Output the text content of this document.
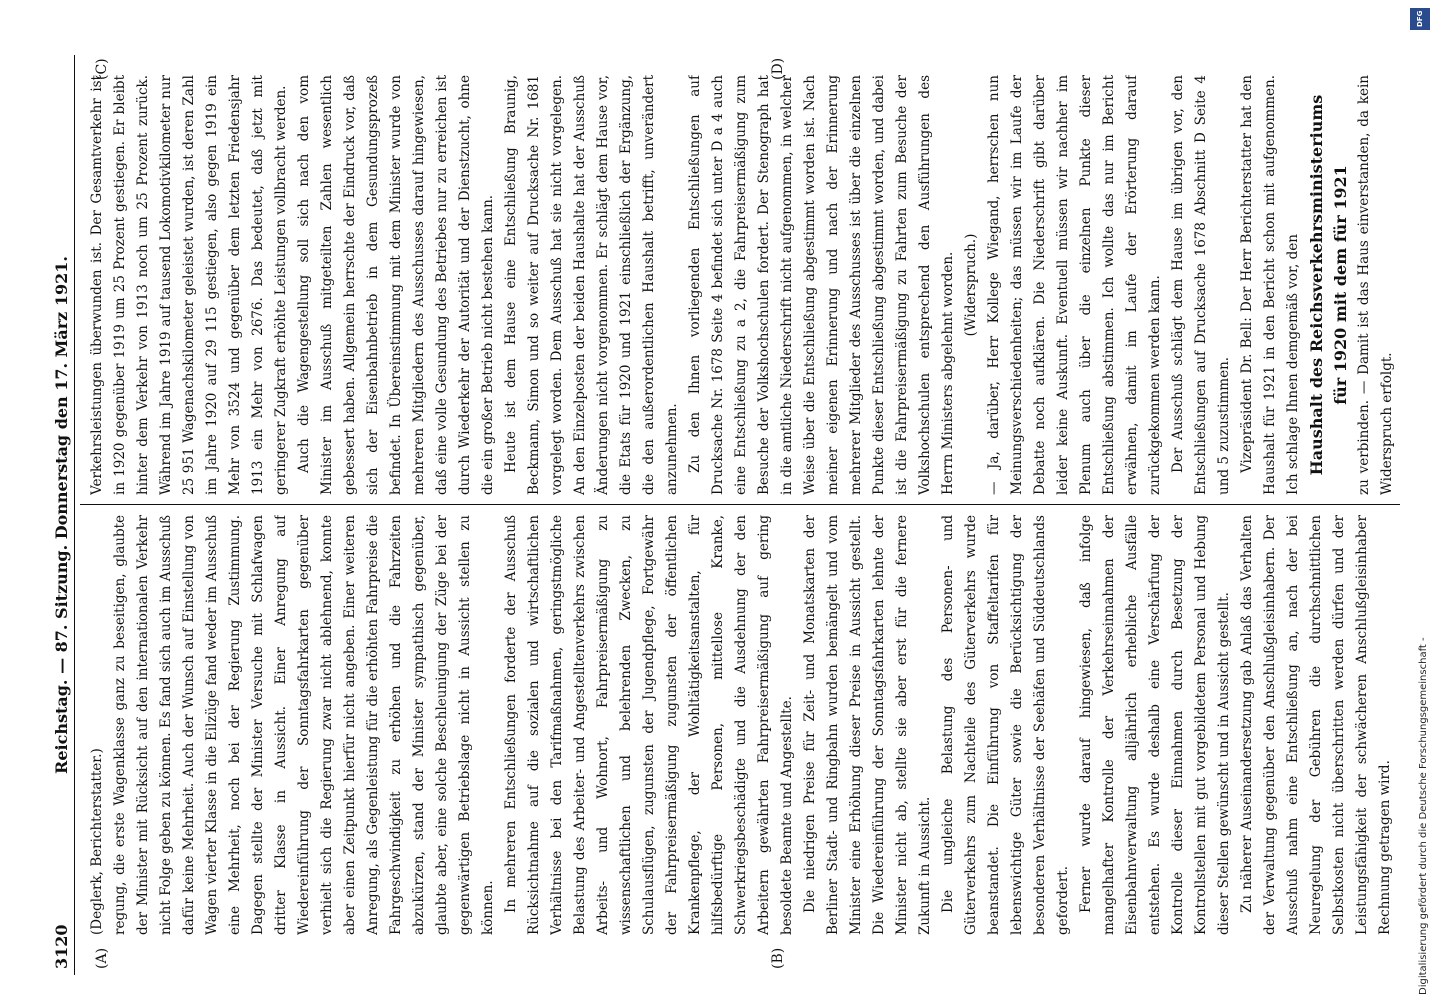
3120
Reichstag. — 87. Sitzung. Donnerstag den 17. März 1921.
(A)	(B)

(Deglerk, Berichterstatter.) regung, die erste Wagenklasse ganz zu beseitigen, glaubte der Minister mit Rücksicht auf den internationalen Verkehr nicht Folge geben zu können. Es fand sich auch im Ausschuß dafür keine Mehrheit. Auch der Wunsch auf Einstellung von Wagen vierter Klasse in die Eilzüge fand weder im Ausschuß eine Mehrheit, noch bei der Regierung Zustimmung. Dagegen stellte der Minister Versuche mit Schlafwagen dritter Klasse in Aussicht. Einer Anregung auf Wiedereinführung der Sonntagsfahrkarten gegenüber verhielt sich die Regierung zwar nicht ablehnend, konnte aber einen Zeitpunkt hierfür nicht angeben. Einer weiteren Anregung, als Gegenleistung für die erhöhten Fahrpreise die Fahrgeschwindigkeit zu erhöhen und die Fahrzeiten abzukürzen, stand der Minister sympathisch gegenüber, glaubte aber, eine solche Beschleunigung der Züge bei der gegenwärtigen Betriebslage nicht in Aussicht stellen zu können. In mehreren Entschließungen forderte der Ausschuß Rücksichtnahme auf die sozialen und wirtschaftlichen Verhältnisse bei den Tarifmaßnahmen, geringstmögliche Belastung des Arbeiter- und Angestelltenverkehrs zwischen Arbeits- und Wohnort, Fahrpreisermäßigung zu wissenschaftlichen und belehrenden Zwecken, zu Schulausflügen, zugunsten der Jugendpflege, Fortgewähr der Fahrpreisermäßigung zugunsten der öffentlichen Krankenpflege, der Wohltätigkeitsanstalten, für hilfsbedürftige Personen, mittellose Kranke, Schwerkriegsbeschädigte und die Ausdehnung der den Arbeitern gewährten Fahrpreisermäßigung auf gering besoldete Beamte und Angestellte. Die niedrigen Preise für Zeit- und Monatskarten der Berliner Stadt- und Ringbahn wurden bemängelt und vom Minister eine Erhöhung dieser Preise in Aussicht gestellt. Die Wiedereinführung der Sonntagsfahrkarten lehnte der Minister nicht ab, stellte sie aber erst für die fernere Zukunft in Aussicht. Die ungleiche Belastung des Personen- und Güterverkehrs zum Nachteile des Güterverkehrs wurde beanstandet. Die Einführung von Staffeltarifen für lebenswichtige Güter sowie die Berücksichtigung der besonderen Verhältnisse der Seehäfen und Süddeutschlands gefordert. Ferner wurde darauf hingewiesen, daß infolge mangelhafter Kontrolle der Verkehrseinnahmen der Eisenbahnverwaltung alljährlich erhebliche Ausfälle entstehen. Es wurde deshalb eine Verschärfung der Kontrolle dieser Einnahmen durch Besetzung der Kontrollstellen mit gut vorgebildetem Personal und Hebung dieser Stellen gewünscht und in Aussicht gestellt. Zu näherer Auseinandersetzung gab Anlaß das Verhalten der Verwaltung gegenüber den Anschlußgleisinhabern. Der Ausschuß nahm eine Entschließung an, nach der bei Neuregelung der Gebühren die durchschnittlichen Selbstkosten nicht überschritten werden dürfen und der Leistungsfähigkeit der schwächeren Anschlußgleisinhaber Rechnung getragen wird.

(C)	(D)

Verkehrsleistungen überwunden ist. Der Gesamtverkehr ist in 1920 gegenüber 1919 um 25 Prozent gestiegen. Er bleibt hinter dem Verkehr von 1913 noch um 25 Prozent zurück. Während im Jahre 1919 auf tausend Lokomotivkilometer nur 25 951 Wagenachskilometer geleistet wurden, ist deren Zahl im Jahre 1920 auf 29 115 gestiegen, also gegen 1919 ein Mehr von 3524 und gegenüber dem letzten Friedensjahr 1913 ein Mehr von 2676. Das bedeutet, daß jetzt mit geringerer Zugkraft erhöhte Leistungen vollbracht werden. Auch die Wagengestellung soll sich nach den vom Minister im Ausschuß mitgeteilten Zahlen wesentlich gebessert haben. Allgemein herrschte der Eindruck vor, daß sich der Eisenbahnbetrieb in dem Gesundungsprozeß befindet. In Übereinstimmung mit dem Minister wurde von mehreren Mitgliedern des Ausschusses darauf hingewiesen, daß eine volle Gesundung des Betriebes nur zu erreichen ist durch Wiederkehr der Autorität und der Dienstzucht, ohne die ein großer Betrieb nicht bestehen kann. Heute ist dem Hause eine Entschließung Braunig, Beckmann, Simon und so weiter auf Drucksache Nr. 1681 vorgelegt worden. Dem Ausschuß hat sie nicht vorgelegen. An den Einzelposten der beiden Haushalte hat der Ausschuß Änderungen nicht vorgenommen. Er schlägt dem Hause vor, die Etats für 1920 und 1921 einschließlich der Ergänzung, die den außerordentlichen Haushalt betrifft, unverändert anzunehmen. Zu den Ihnen vorliegenden Entschließungen auf Drucksache Nr. 1678 Seite 4 befindet sich unter D a 4 auch eine Entschließung zu a 2, die Fahrpreisermäßigung zum Besuche der Volkshochschulen fordert. Der Stenograph hat in die amtliche Niederschrift nicht aufgenommen, in welcher Weise über die Entschließung abgestimmt worden ist. Nach meiner eigenen Erinnerung und nach der Erinnerung mehrerer Mitglieder des Ausschusses ist über die einzelnen Punkte dieser Entschließung abgestimmt worden, und dabei ist die Fahrpreisermäßigung zu Fahrten zum Besuche der Volkshochschulen entsprechend den Ausführungen des Herrn Ministers abgelehnt worden. (Widerspruch.) — Ja, darüber, Herr Kollege Wiegand, herrschen nun Meinungsverschiedenheiten; das müssen wir im Laufe der Debatte noch aufklären. Die Niederschrift gibt darüber leider keine Auskunft. Eventuell müssen wir nachher im Plenum auch über die einzelnen Punkte dieser Entschließung abstimmen. Ich wollte das nur im Bericht erwähnen, damit im Laufe der Erörterung darauf zurückgekommen werden kann. Der Ausschuß schlägt dem Hause im übrigen vor, den Entschließungen auf Drucksache 1678 Abschnitt D Seite 4 und 5 zuzustimmen. Vizepräsident Dr. Bell: Der Herr Berichterstatter hat den Haushalt für 1921 in den Bericht schon mit aufgenommen. Ich schlage Ihnen demgemäß vor, den Haushalt des Reichsverkehrsministeriums für 1920 mit dem für 1921 zu verbinden. — Damit ist das Haus einverstanden, da kein Widerspruch erfolgt.

Digitalisierung gefördert durch die Deutsche Forschungsgemeinschaft -
DFG
